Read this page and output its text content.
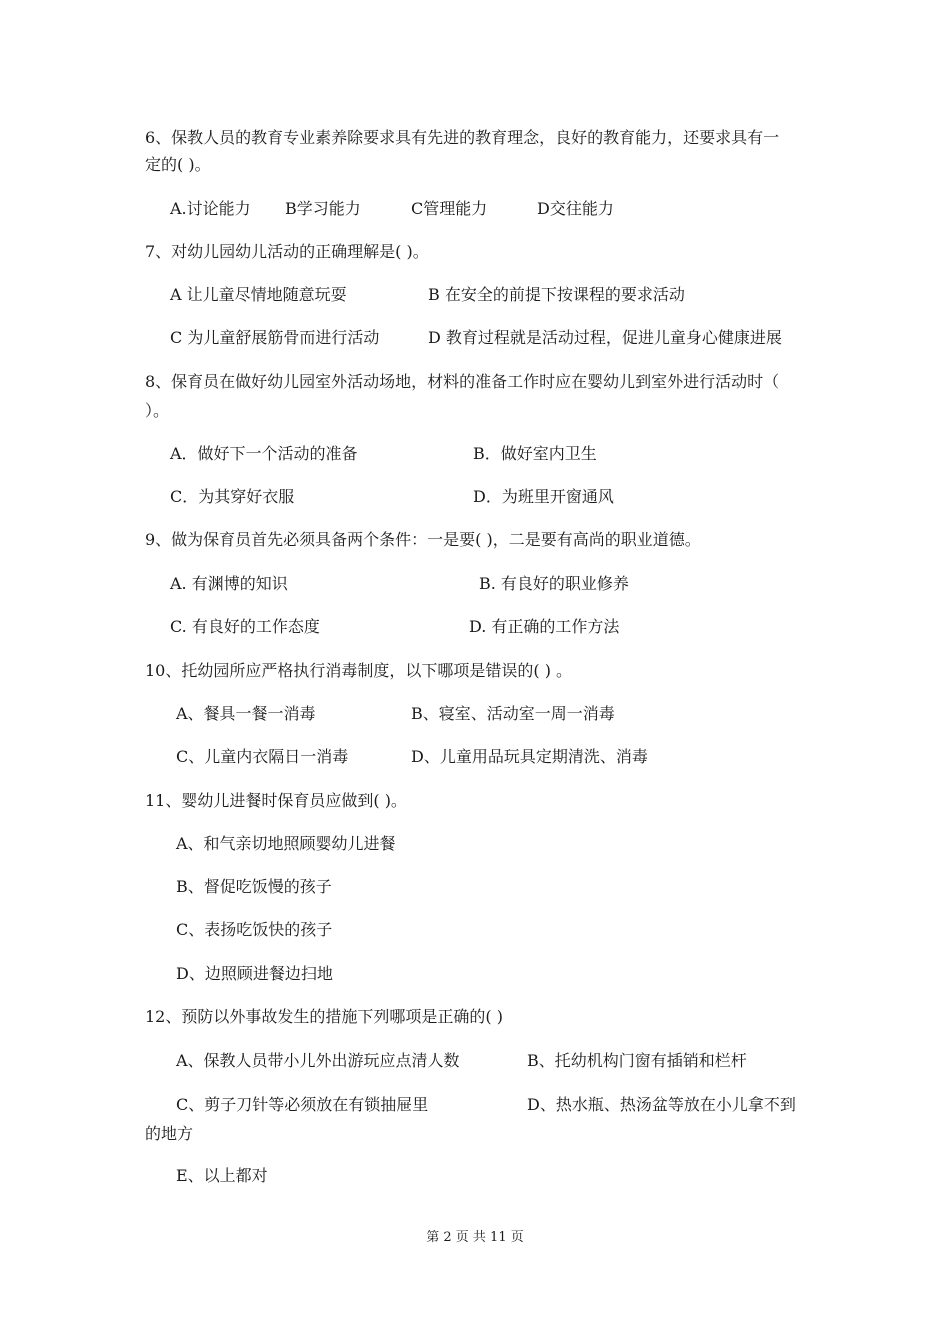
6、保教人员的教育专业素养除要求具有先进的教育理念，良好的教育能力，还要求具有一
定的( )。
A.讨论能力 B学习能力	C管理能力	D交往能力
7、对幼儿园幼儿活动的正确理解是( )。
A 让儿童尽情地随意玩耍	B 在安全的前提下按课程的要求活动
C 为儿童舒展筋骨而进行活动	D 教育过程就是活动过程，促进儿童身心健康进展
8、保育员在做好幼儿园室外活动场地，材料的准备工作时应在婴幼儿到室外进行活动时（
）。
A．做好下一个活动的准备	B．做好室内卫生
C．为其穿好衣服	D．为班里开窗通风
9、做为保育员首先必须具备两个条件：一是要( )，二是要有高尚的职业道德。
A. 有渊博的知识	B. 有良好的职业修养
C. 有良好的工作态度	D. 有正确的工作方法
10、托幼园所应严格执行消毒制度，以下哪项是错误的( ) 。
A、餐具一餐一消毒	B、寝室、活动室一周一消毒
C、儿童内衣隔日一消毒	D、儿童用品玩具定期清洗、消毒
11、婴幼儿进餐时保育员应做到( )。
A、和气亲切地照顾婴幼儿进餐
B、督促吃饭慢的孩子
C、表扬吃饭快的孩子
D、边照顾进餐边扫地
12、预防以外事故发生的措施下列哪项是正确的( )
A、保教人员带小儿外出游玩应点清人数	B、托幼机构门窗有插销和栏杆
C、剪子刀针等必须放在有锁抽屉里	D、热水瓶、热汤盆等放在小儿拿不到
的地方
E、以上都对
第 2 页 共 11 页
